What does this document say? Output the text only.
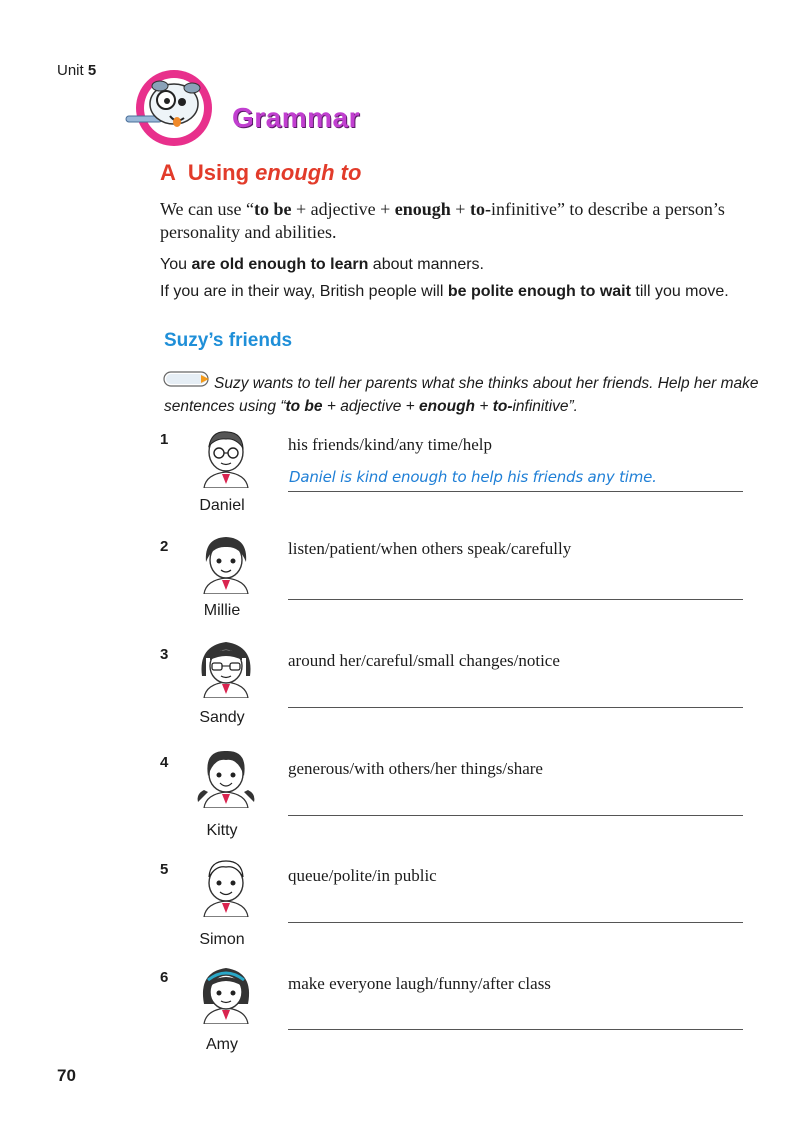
Unit 5
Grammar
A Using enough to
We can use “to be + adjective + enough + to-infinitive” to describe a person’s personality and abilities.
You are old enough to learn about manners.
If you are in their way, British people will be polite enough to wait till you move.
Suzy’s friends
Suzy wants to tell her parents what she thinks about her friends. Help her make sentences using “to be + adjective + enough + to-infinitive”.
1
Daniel
his friends/kind/any time/help
Daniel is kind enough to help his friends any time.
2
Millie
listen/patient/when others speak/carefully
3
Sandy
around her/careful/small changes/notice
4
Kitty
generous/with others/her things/share
5
Simon
queue/polite/in public
6
Amy
make everyone laugh/funny/after class
70
